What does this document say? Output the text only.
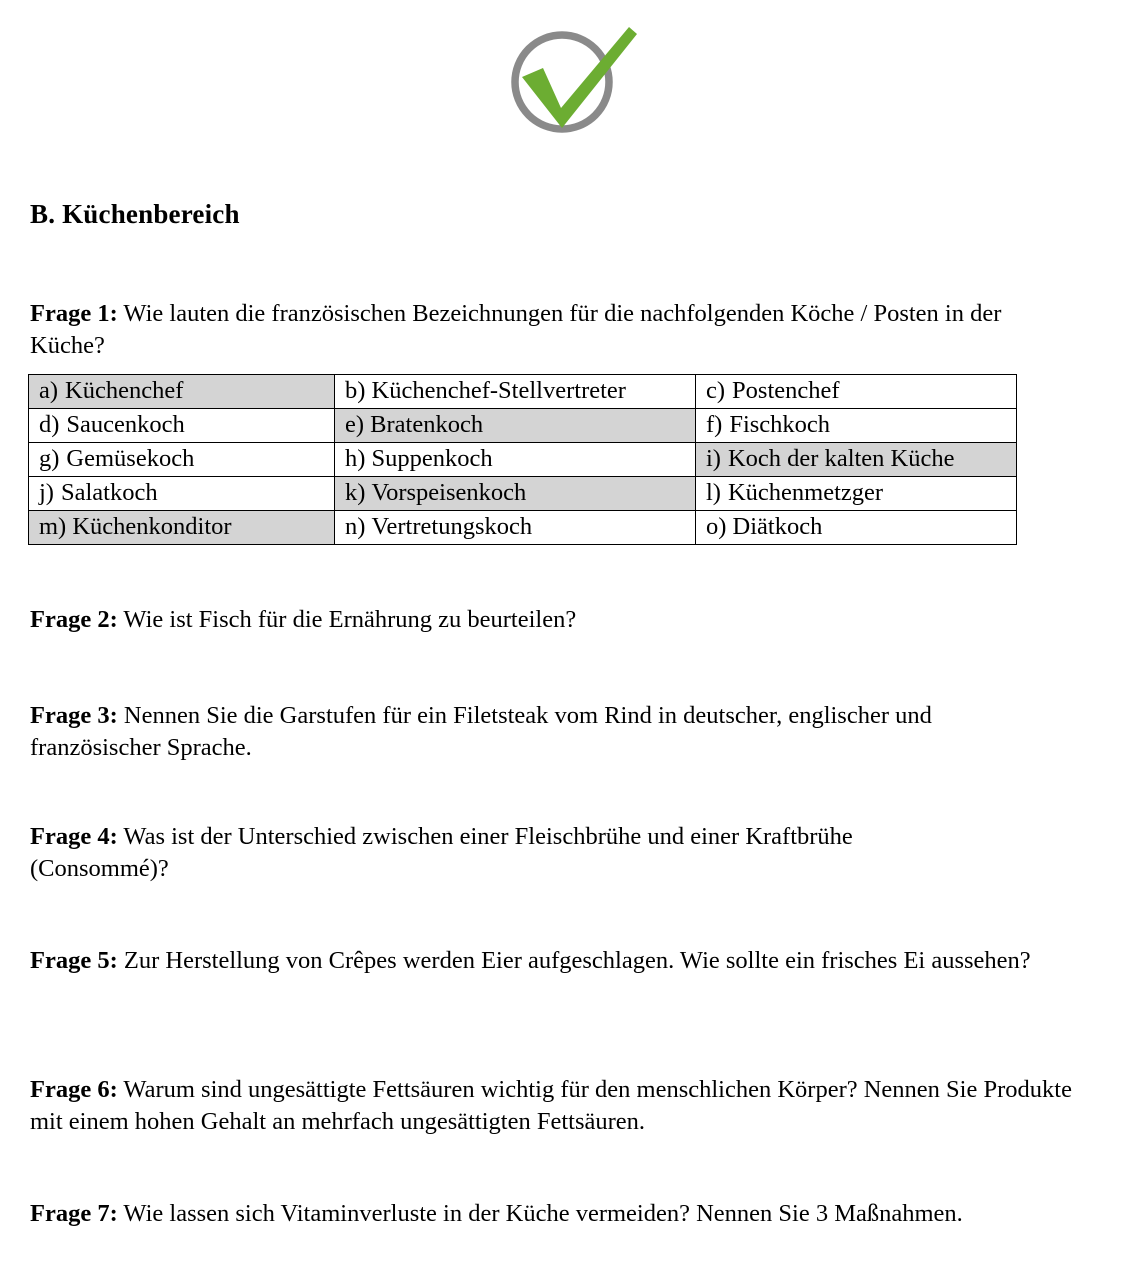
B. Küchenbereich
Frage 1: Wie lauten die französischen Bezeichnungen für die nachfolgenden Köche / Posten in der Küche?
a) Küchenchef	b) Küchenchef-Stellvertreter	c) Postenchef
d) Saucenkoch	e) Bratenkoch	f) Fischkoch
g) Gemüsekoch	h) Suppenkoch	i) Koch der kalten Küche
j) Salatkoch	k) Vorspeisenkoch	l) Küchenmetzger
m) Küchenkonditor	n) Vertretungskoch	o) Diätkoch
Frage 2: Wie ist Fisch für die Ernährung zu beurteilen?
Frage 3: Nennen Sie die Garstufen für ein Filetsteak vom Rind in deutscher, englischer und französischer Sprache.
Frage 4: Was ist der Unterschied zwischen einer Fleischbrühe und einer Kraftbrühe (Consommé)?
Frage 5: Zur Herstellung von Crêpes werden Eier aufgeschlagen. Wie sollte ein frisches Ei aussehen?
Frage 6: Warum sind ungesättigte Fettsäuren wichtig für den menschlichen Körper? Nennen Sie Produkte mit einem hohen Gehalt an mehrfach ungesättigten Fettsäuren.
Frage 7: Wie lassen sich Vitaminverluste in der Küche vermeiden? Nennen Sie 3 Maßnahmen.
